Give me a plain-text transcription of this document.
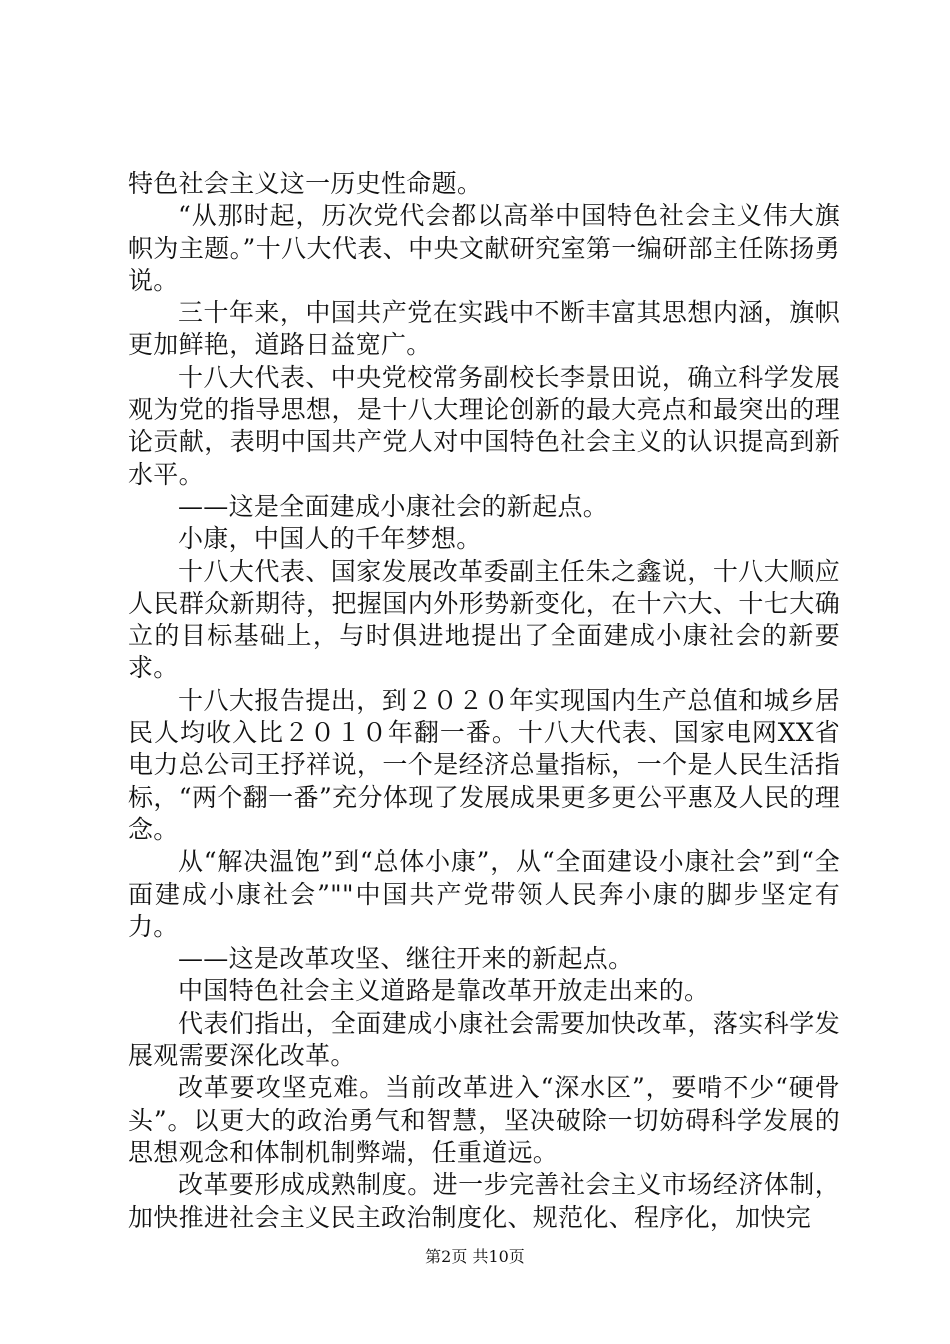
特色社会主义这一历史性命题。

“从那时起，历次党代会都以高举中国特色社会主义伟大旗帜为主题。”十八大代表、中央文献研究室第一编研部主任陈扬勇说。

三十年来，中国共产党在实践中不断丰富其思想内涵，旗帜更加鲜艳，道路日益宽广。

十八大代表、中央党校常务副校长李景田说，确立科学发展观为党的指导思想，是十八大理论创新的最大亮点和最突出的理论贡献，表明中国共产党人对中国特色社会主义的认识提高到新水平。

——这是全面建成小康社会的新起点。

小康，中国人的千年梦想。

十八大代表、国家发展改革委副主任朱之鑫说，十八大顺应人民群众新期待，把握国内外形势新变化，在十六大、十七大确立的目标基础上，与时俱进地提出了全面建成小康社会的新要求。

十八大报告提出，到２０２０年实现国内生产总值和城乡居民人均收入比２０１０年翻一番。十八大代表、国家电网XX省电力总公司王抒祥说，一个是经济总量指标，一个是人民生活指标，“两个翻一番”充分体现了发展成果更多更公平惠及人民的理念。

从“解决温饱”到“总体小康”，从“全面建设小康社会”到“全面建成小康社会”""中国共产党带领人民奔小康的脚步坚定有力。

——这是改革攻坚、继往开来的新起点。

中国特色社会主义道路是靠改革开放走出来的。

代表们指出，全面建成小康社会需要加快改革，落实科学发展观需要深化改革。

改革要攻坚克难。当前改革进入“深水区”，要啃不少“硬骨头”。以更大的政治勇气和智慧，坚决破除一切妨碍科学发展的思想观念和体制机制弊端，任重道远。

改革要形成成熟制度。进一步完善社会主义市场经济体制，加快推进社会主义民主政治制度化、规范化、程序化，加快完

第2页 共10页
